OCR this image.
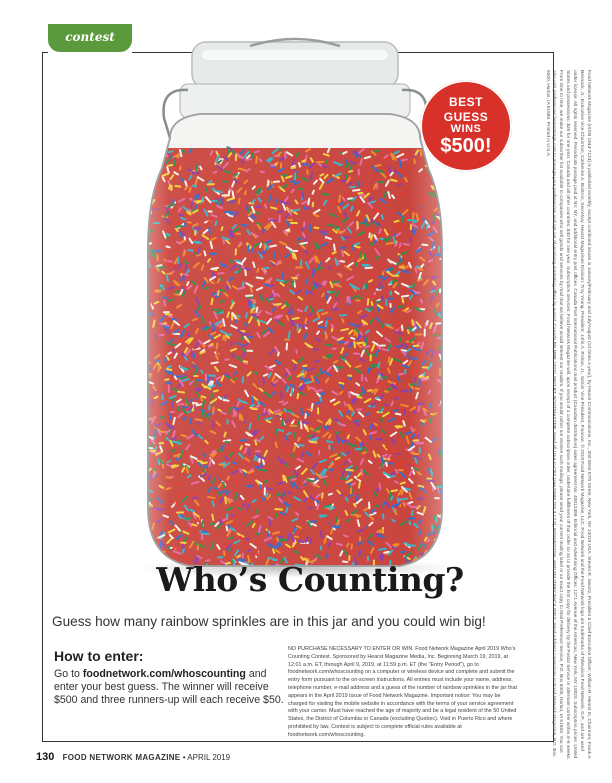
contest
BEST
GUESS
WINS
$500!
Who’s Counting?
Guess how many rainbow sprinkles are in this jar and you could win big!
How to enter:
Go to foodnetwork.com/whoscounting and enter your best guess. The winner will receive $500 and three runners-up will each receive $50.
NO PURCHASE NECESSARY TO ENTER OR WIN. Food Network Magazine April 2019 Who's Counting Contest. Sponsored by Hearst Magazine Media, Inc. Beginning March 19, 2019, at 12:01 a.m. ET, through April 9, 2019, at 11:59 p.m. ET (the "Entry Period"), go to foodnetwork.com/whoscounting on a computer or wireless device and complete and submit the entry form pursuant to the on-screen instructions. All entries must include your name, address, telephone number, e-mail address and a guess of the number of rainbow sprinkles in the jar that appears in the April 2019 issue of Food Network Magazine. Important notice: You may be charged for visiting the mobile website in accordance with the terms of your service agreement with your carrier. Must have reached the age of majority and be a legal resident of the 50 United States, the District of Columbia or Canada (excluding Quebec). Void in Puerto Rico and where prohibited by law. Contest is subject to complete official rules available at foodnetwork.com/whoscounting.	Food Network Magazine (ISSN 1944-7124) is published monthly, except combined issues in January/February and July/August (10 times a year), by Hearst Communications, Inc., 300 West 57th Street, New York, NY 10019 USA. Steven R. Swartz, President & Chief Executive Officer; William R. Hearst III, Chairman; Frank A. Bennack, Jr., Executive Vice Chairman; Catherine A. Bostron, Secretary. Hearst Magazines Division: Troy Young, President; John A. Rohan, Jr., Senior Vice President, Finance. © 2019 Food Network Magazine, LLC. Food Network and the Food Network logo are trademarks of Television Food Network, G.P., and are used under license. All rights reserved. Periodicals postage paid at NY, NY, and additional entry post offices. Canada Post International Publications mail product (Canadian distribution) sales agreement No. 40012499. Editorial and Advertising Offices: 1271 Avenue of the Americas, New York, NY 10020. Subscription prices: United States and possessions: $25 for one year. Canada and all other countries: $40 for one year. Subscription services: Food Network Magazine will, upon receipt of a complete subscription order, undertake fulfillment of that order so as to provide the first copy for delivery by the Postal Service or alternate carrier within 4–6 weeks. From time to time, we make our subscriber list available to companies who sell goods and services by mail that we believe would interest our readers. If you would rather not receive such mailings, please send your current mailing label or an exact copy to Mail Preference Service, P.O. Box 6000, Harlan, IA 51593. You can also visit preferences.hearstmags.com to manage your preferences and opt out of receiving marketing offers by e-mail. Canada BN NBR 10231 0943 RT. POSTMASTER: Send all UAA to CFS (see DMM 707.4.12.5); NON-POSTAL AND MILITARY FACILITIES: Send address corrections to Food Network Magazine, P.O. Box 6000, Harlan, IA 51593. Printed in U.S.A.
130 FOOD NETWORK MAGAZINE • APRIL 2019
